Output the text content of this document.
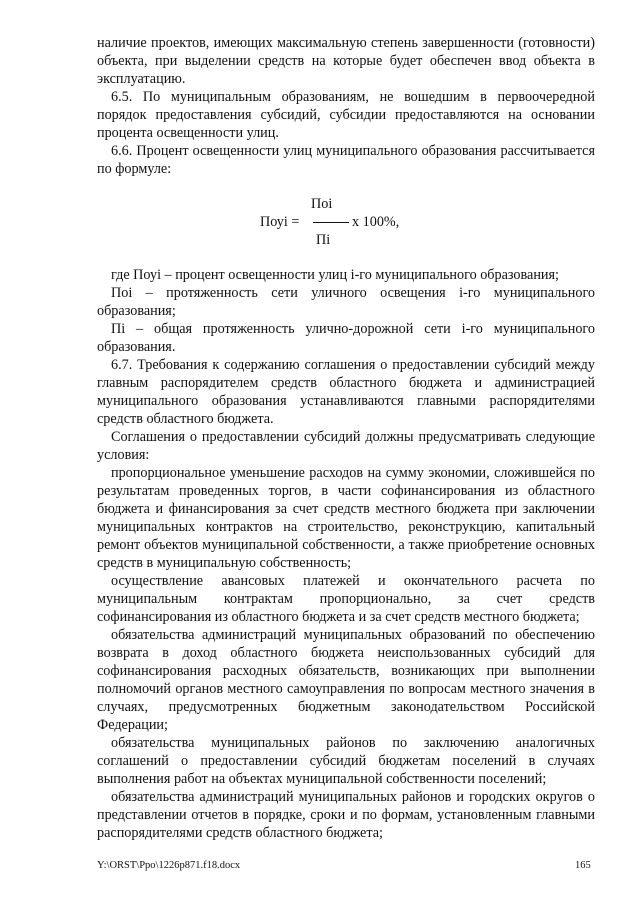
наличие проектов, имеющих максимальную степень завершенности (готовности) объекта, при выделении средств на которые будет обеспечен ввод объекта в эксплуатацию.

6.5. По муниципальным образованиям, не вошедшим в первоочередной порядок предоставления субсидий, субсидии предоставляются на основании процента освещенности улиц.

6.6. Процент освещенности улиц муниципального образования рассчитывается по формуле:

Поі
Поуі =	х 100%,
Пі

где Поуі – процент освещенности улиц і-го муниципального образования;

Поі – протяженность сети уличного освещения і-го муниципального образования;

Пі – общая протяженность улично-дорожной сети і-го муниципального образования.

6.7. Требования к содержанию соглашения о предоставлении субсидий между главным распорядителем средств областного бюджета и администрацией муниципального образования устанавливаются главными распорядителями средств областного бюджета.

Соглашения о предоставлении субсидий должны предусматривать следующие условия:

пропорциональное уменьшение расходов на сумму экономии, сложившейся по результатам проведенных торгов, в части софинансирования из областного бюджета и финансирования за счет средств местного бюджета при заключении муниципальных контрактов на строительство, реконструкцию, капитальный ремонт объектов муниципальной собственности, а также приобретение основных средств в муниципальную собственность;

осуществление авансовых платежей и окончательного расчета по муниципальным контрактам пропорционально, за счет средств софинансирования из областного бюджета и за счет средств местного бюджета;

обязательства администраций муниципальных образований по обеспечению возврата в доход областного бюджета неиспользованных субсидий для софинансирования расходных обязательств, возникающих при выполнении полномочий органов местного самоуправления по вопросам местного значения в случаях, предусмотренных бюджетным законодательством Российской Федерации;

обязательства муниципальных районов по заключению аналогичных соглашений о предоставлении субсидий бюджетам поселений в случаях выполнения работ на объектах муниципальной собственности поселений;

обязательства администраций муниципальных районов и городских округов о представлении отчетов в порядке, сроки и по формам, установленным главными распорядителями средств областного бюджета;

Y:\ORST\Ppo\1226p871.f18.docx	165
